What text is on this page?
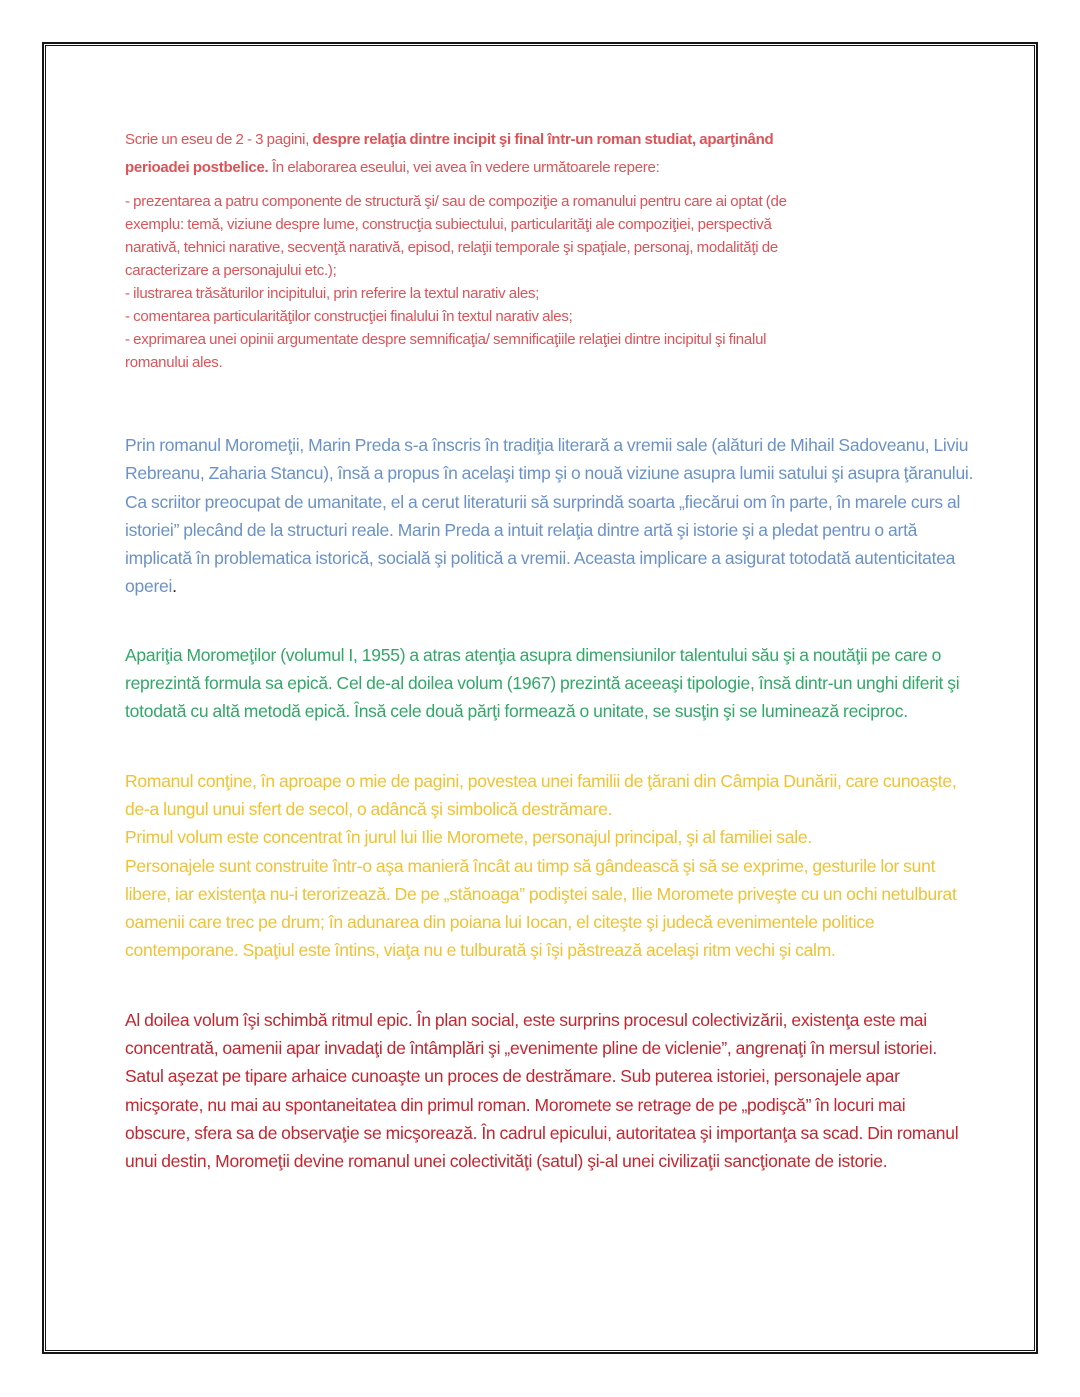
Scrie un eseu de 2 - 3 pagini, despre relaţia dintre incipit şi final într-un roman studiat, aparţinând perioadei postbelice. În elaborarea eseului, vei avea în vedere următoarele repere:

- prezentarea a patru componente de structură şi/ sau de compoziţie a romanului pentru care ai optat (de exemplu: temă, viziune despre lume, construcţia subiectului, particularităţi ale compoziţiei, perspectivă narativă, tehnici narative, secvenţă narativă, episod, relaţii temporale şi spaţiale, personaj, modalităţi de caracterizare a personajului etc.);
- ilustrarea trăsăturilor incipitului, prin referire la textul narativ ales;
- comentarea particularităţilor construcţiei finalului în textul narativ ales;
- exprimarea unei opinii argumentate despre semnificaţia/ semnificaţiile relaţiei dintre incipitul şi finalul romanului ales.

Prin romanul Moromeţii, Marin Preda s-a înscris în tradiţia literară a vremii sale (alături de Mihail Sadoveanu, Liviu Rebreanu, Zaharia Stancu), însă a propus în acelaşi timp şi o nouă viziune asupra lumii satului şi asupra ţăranului. Ca scriitor preocupat de umanitate, el a cerut literaturii să surprindă soarta „fiecărui om în parte, în marele curs al istoriei” plecând de la structuri reale. Marin Preda a intuit relaţia dintre artă şi istorie şi a pledat pentru o artă implicată în problematica istorică, socială şi politică a vremii. Aceasta implicare a asigurat totodată autenticitatea operei.

Apariţia Moromeţilor (volumul I, 1955) a atras atenţia asupra dimensiunilor talentului său şi a noutăţii pe care o reprezintă formula sa epică. Cel de-al doilea volum (1967) prezintă aceeaşi tipologie, însă dintr-un unghi diferit şi totodată cu altă metodă epică. Însă cele două părţi formează o unitate, se susţin şi se luminează reciproc.

Romanul conţine, în aproape o mie de pagini, povestea unei familii de ţărani din Câmpia Dunării, care cunoaşte, de-a lungul unui sfert de secol, o adâncă şi simbolică destrămare.
Primul volum este concentrat în jurul lui Ilie Moromete, personajul principal, şi al familiei sale.
Personajele sunt construite într-o aşa manieră încât au timp să gândească şi să se exprime, gesturile lor sunt libere, iar existenţa nu-i terorizează. De pe „stănoaga” podiştei sale, Ilie Moromete priveşte cu un ochi netulburat oamenii care trec pe drum; în adunarea din poiana lui Iocan, el citeşte şi judecă evenimentele politice contemporane. Spaţiul este întins, viaţa nu e tulburată şi îşi păstrează acelaşi ritm vechi şi calm.

Al doilea volum îşi schimbă ritmul epic. În plan social, este surprins procesul colectivizării, existenţa este mai concentrată, oamenii apar invadaţi de întâmplări şi „evenimente pline de viclenie”, angrenaţi în mersul istoriei. Satul aşezat pe tipare arhaice cunoaşte un proces de destrămare. Sub puterea istoriei, personajele apar micşorate, nu mai au spontaneitatea din primul roman. Moromete se retrage de pe „podişcă” în locuri mai obscure, sfera sa de observaţie se micşorează. În cadrul epicului, autoritatea şi importanţa sa scad. Din romanul unui destin, Moromeţii devine romanul unei colectivităţi (satul) şi-al unei civilizaţii sancţionate de istorie.
